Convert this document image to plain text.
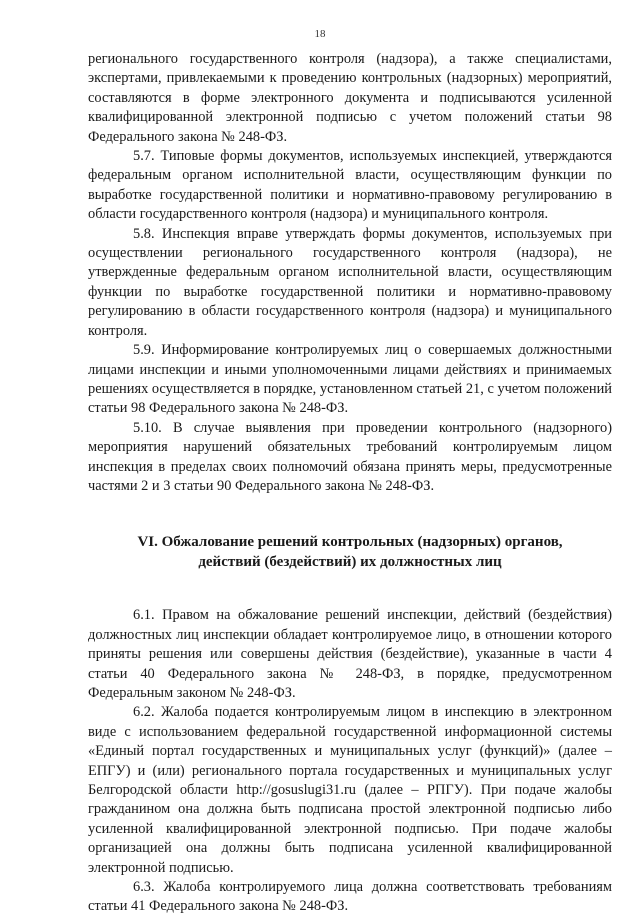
18

регионального государственного контроля (надзора), а также специалистами, экспертами, привлекаемыми к проведению контрольных (надзорных) мероприятий, составляются в форме электронного документа и подписываются усиленной квалифицированной электронной подписью с учетом положений статьи 98 Федерального закона № 248-ФЗ.

5.7. Типовые формы документов, используемых инспекцией, утверждаются федеральным органом исполнительной власти, осуществляющим функции по выработке государственной политики и нормативно-правовому регулированию в области государственного контроля (надзора) и муниципального контроля.

5.8. Инспекция вправе утверждать формы документов, используемых при осуществлении регионального государственного контроля (надзора), не утвержденные федеральным органом исполнительной власти, осуществляющим функции по выработке государственной политики и нормативно-правовому регулированию в области государственного контроля (надзора) и муниципального контроля.

5.9. Информирование контролируемых лиц о совершаемых должностными лицами инспекции и иными уполномоченными лицами действиях и принимаемых решениях осуществляется в порядке, установленном статьей 21, с учетом положений статьи 98 Федерального закона № 248-ФЗ.

5.10. В случае выявления при проведении контрольного (надзорного) мероприятия нарушений обязательных требований контролируемым лицом инспекция в пределах своих полномочий обязана принять меры, предусмотренные частями 2 и 3 статьи 90 Федерального закона № 248-ФЗ.

VI. Обжалование решений контрольных (надзорных) органов,
действий (бездействий) их должностных лиц

6.1. Правом на обжалование решений инспекции, действий (бездействия) должностных лиц инспекции обладает контролируемое лицо, в отношении которого приняты решения или совершены действия (бездействие), указанные в части 4 статьи 40 Федерального закона № 248-ФЗ, в порядке, предусмотренном Федеральным законом № 248-ФЗ.

6.2. Жалоба подается контролируемым лицом в инспекцию в электронном виде с использованием федеральной государственной информационной системы «Единый портал государственных и муниципальных услуг (функций)» (далее – ЕПГУ) и (или) регионального портала государственных и муниципальных услуг Белгородской области http://gosuslugi31.ru (далее – РПГУ). При подаче жалобы гражданином она должна быть подписана простой электронной подписью либо усиленной квалифицированной электронной подписью. При подаче жалобы организацией она должны быть подписана усиленной квалифицированной электронной подписью.

6.3. Жалоба контролируемого лица должна соответствовать требованиям статьи 41 Федерального закона № 248-ФЗ.
